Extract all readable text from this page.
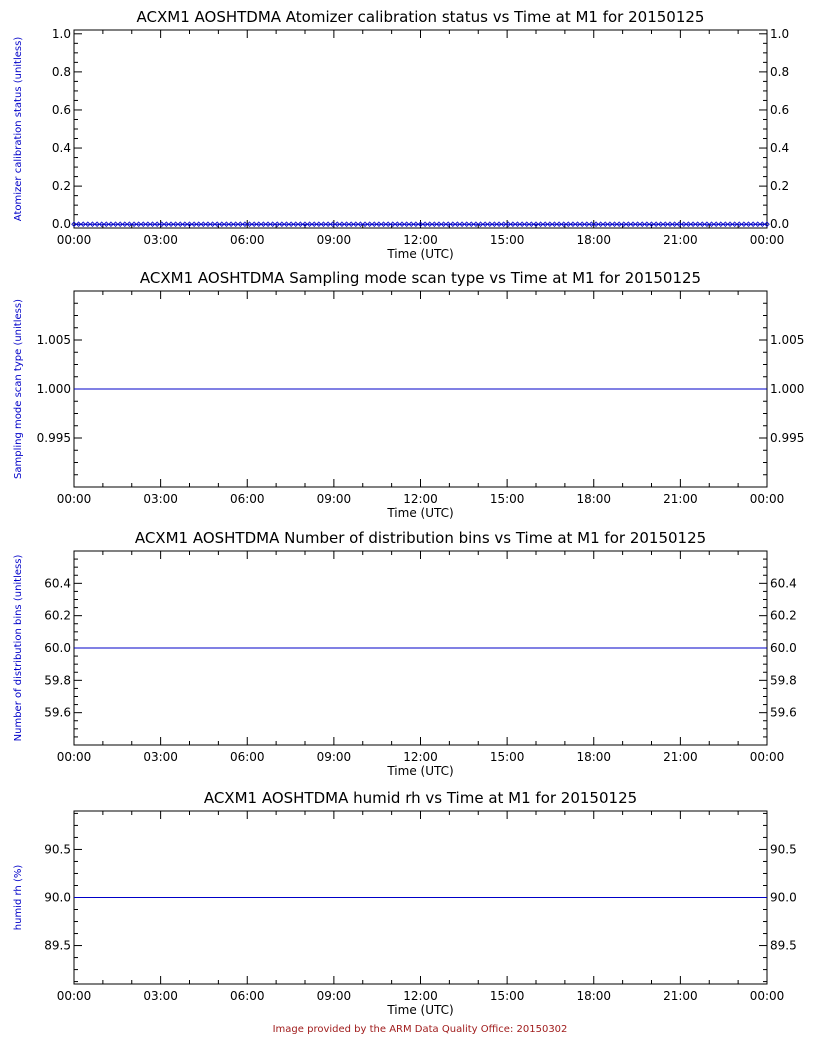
ACXM1 AOSHTDMA Atomizer calibration status vs Time at M1 for 20150125
00:00	03:00	06:00	09:00	12:00	15:00	18:00	21:00	00:00
Time (UTC)
0.0	0.0
0.2	0.2
0.4	0.4
0.6	0.6
0.8	0.8
1.0	1.0
Atomizer calibration status (unitless)
ACXM1 AOSHTDMA Sampling mode scan type vs Time at M1 for 20150125
00:00	03:00	06:00	09:00	12:00	15:00	18:00	21:00	00:00
Time (UTC)
0.995	0.995
1.000	1.000
1.005	1.005
Sampling mode scan type (unitless)
ACXM1 AOSHTDMA Number of distribution bins vs Time at M1 for 20150125
00:00	03:00	06:00	09:00	12:00	15:00	18:00	21:00	00:00
Time (UTC)
59.6	59.6
59.8	59.8
60.0	60.0
60.2	60.2
60.4	60.4
Number of distribution bins (unitless)
ACXM1 AOSHTDMA humid rh vs Time at M1 for 20150125
00:00	03:00	06:00	09:00	12:00	15:00	18:00	21:00	00:00
Time (UTC)
89.5	89.5
90.0	90.0
90.5	90.5
humid rh (%)
Image provided by the ARM Data Quality Office: 20150302
